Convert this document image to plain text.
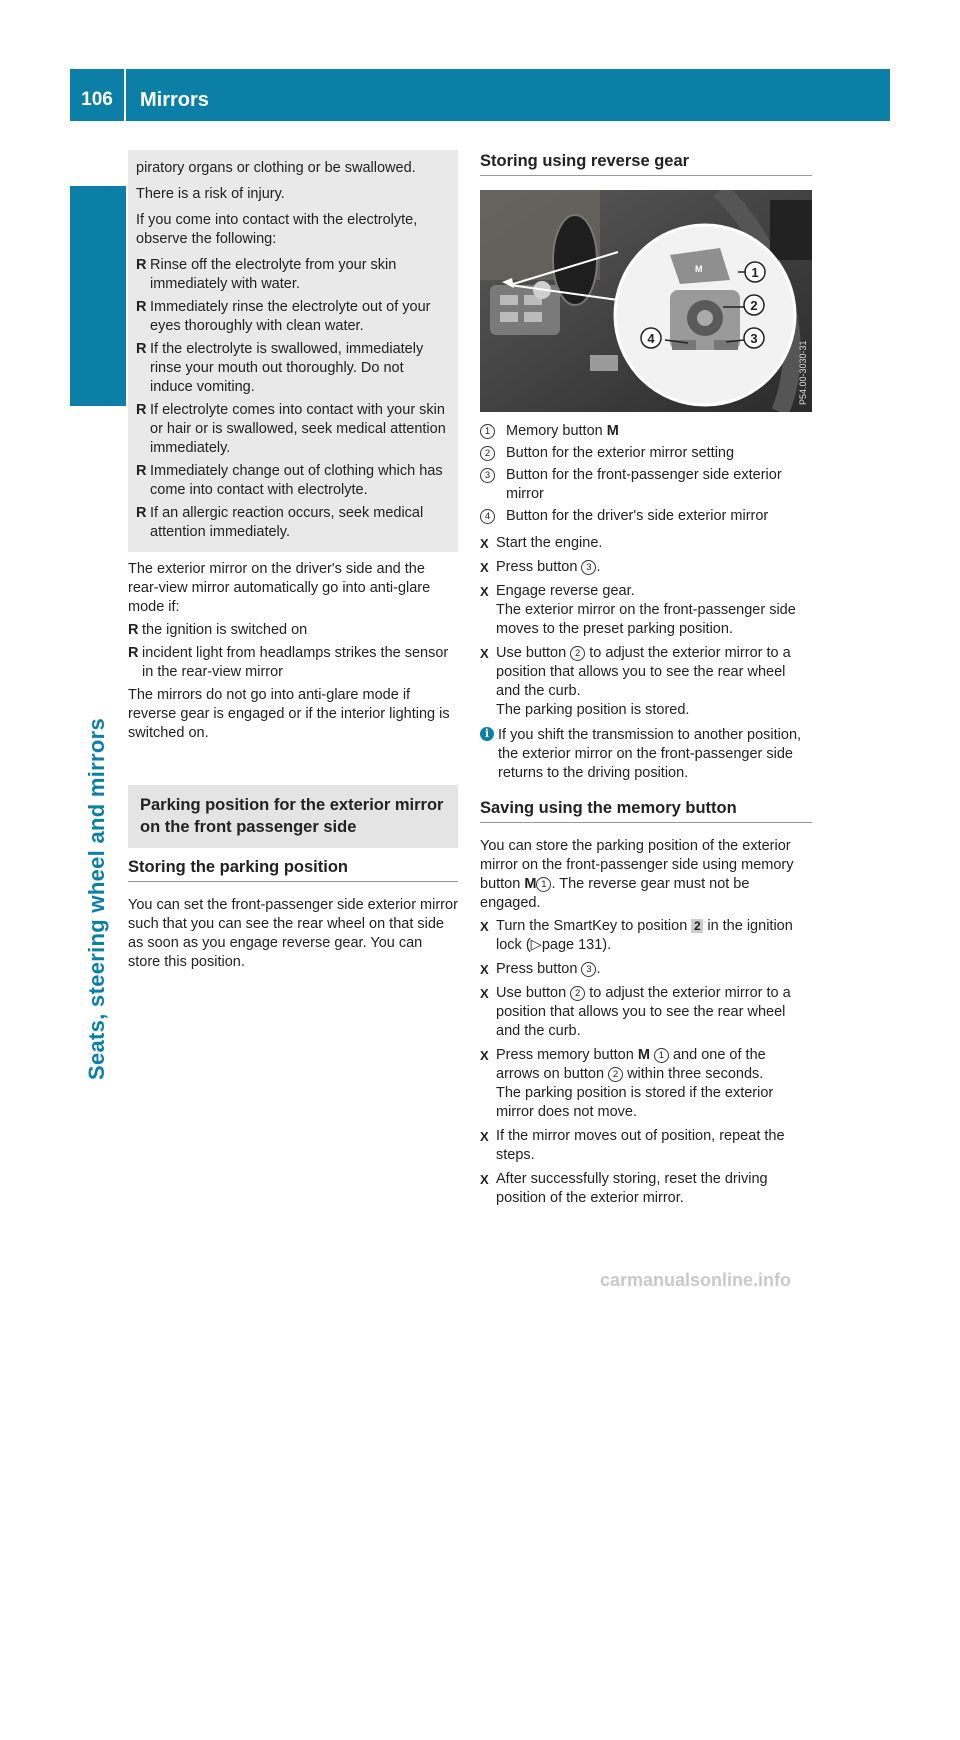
106	Mirrors
Seats, steering wheel and mirrors

piratory organs or clothing or be swallowed.

There is a risk of injury.

If you come into contact with the electrolyte, observe the following:

R Rinse off the electrolyte from your skin immediately with water.
R Immediately rinse the electrolyte out of your eyes thoroughly with clean water.
R If the electrolyte is swallowed, immediately rinse your mouth out thoroughly. Do not induce vomiting.
R If electrolyte comes into contact with your skin or hair or is swallowed, seek medical attention immediately.
R Immediately change out of clothing which has come into contact with electrolyte.
R If an allergic reaction occurs, seek medical attention immediately.

The exterior mirror on the driver's side and the rear-view mirror automatically go into anti-glare mode if:

R the ignition is switched on
R incident light from headlamps strikes the sensor in the rear-view mirror

The mirrors do not go into anti-glare mode if reverse gear is engaged or if the interior lighting is switched on.

Parking position for the exterior mirror on the front passenger side
Storing the parking position

You can set the front-passenger side exterior mirror such that you can see the rear wheel on that side as soon as you engage reverse gear. You can store this position.

Storing using reverse gear
M	1
2
3
4
P54.00-3030-31
1	Memory button M
2	Button for the exterior mirror setting
3	Button for the front-passenger side exterior mirror
4	Button for the driver's side exterior mirror
X Start the engine.
X Press button 3 .
X Engage reverse gear.
The exterior mirror on the front-passenger side moves to the preset parking position.
X Use button 2 to adjust the exterior mirror to a position that allows you to see the rear wheel and the curb.
The parking position is stored.
i If you shift the transmission to another position, the exterior mirror on the front-passenger side returns to the driving position.
Saving using the memory button

You can store the parking position of the exterior mirror on the front-passenger side using memory button M 1 . The reverse gear must not be engaged.

X Turn the SmartKey to position 2 in the ignition lock (▷page 131).
X Press button 3 .
X Use button 2 to adjust the exterior mirror to a position that allows you to see the rear wheel and the curb.
X Press memory button M 1 and one of the arrows on button 2 within three seconds.
The parking position is stored if the exterior mirror does not move.
X If the mirror moves out of position, repeat the steps.
X After successfully storing, reset the driving position of the exterior mirror.
carmanualsonline.info
